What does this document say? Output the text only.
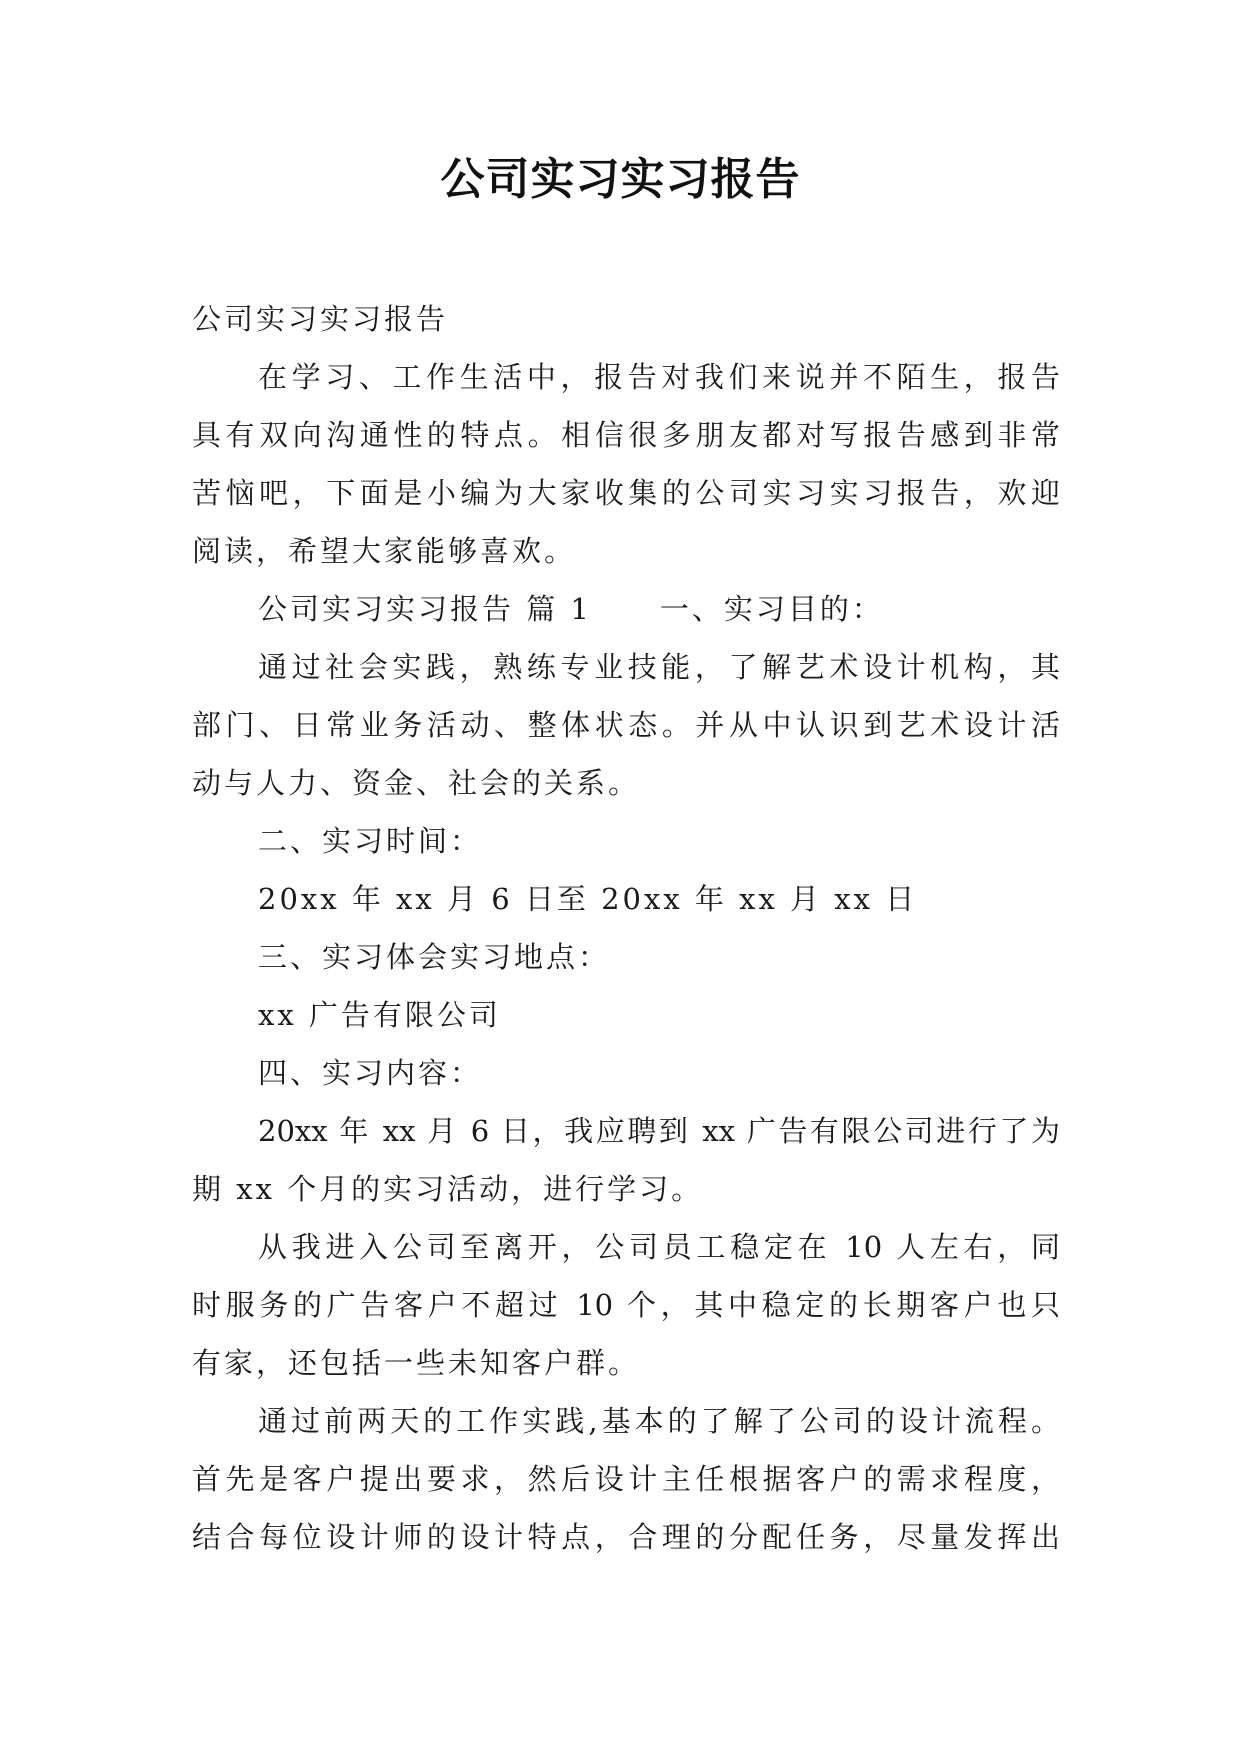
公司实习实习报告
公司实习实习报告
在学习、工作生活中，报告对我们来说并不陌生，报告
具有双向沟通性的特点。相信很多朋友都对写报告感到非常
苦恼吧，下面是小编为大家收集的公司实习实习报告，欢迎
阅读，希望大家能够喜欢。
公司实习实习报告 篇 1 一、实习目的：
通过社会实践，熟练专业技能，了解艺术设计机构，其
部门、日常业务活动、整体状态。并从中认识到艺术设计活
动与人力、资金、社会的关系。
二、实习时间：
20xx 年 xx 月 6 日至 20xx 年 xx 月 xx 日
三、实习体会实习地点：
xx 广告有限公司
四、实习内容：
20xx 年 xx 月 6 日，我应聘到 xx 广告有限公司进行了为
期 xx 个月的实习活动，进行学习。
从我进入公司至离开，公司员工稳定在 10 人左右，同
时服务的广告客户不超过 10 个，其中稳定的长期客户也只
有家，还包括一些未知客户群。
通过前两天的工作实践,基本的了解了公司的设计流程。
首先是客户提出要求，然后设计主任根据客户的需求程度，
结合每位设计师的设计特点，合理的分配任务，尽量发挥出
